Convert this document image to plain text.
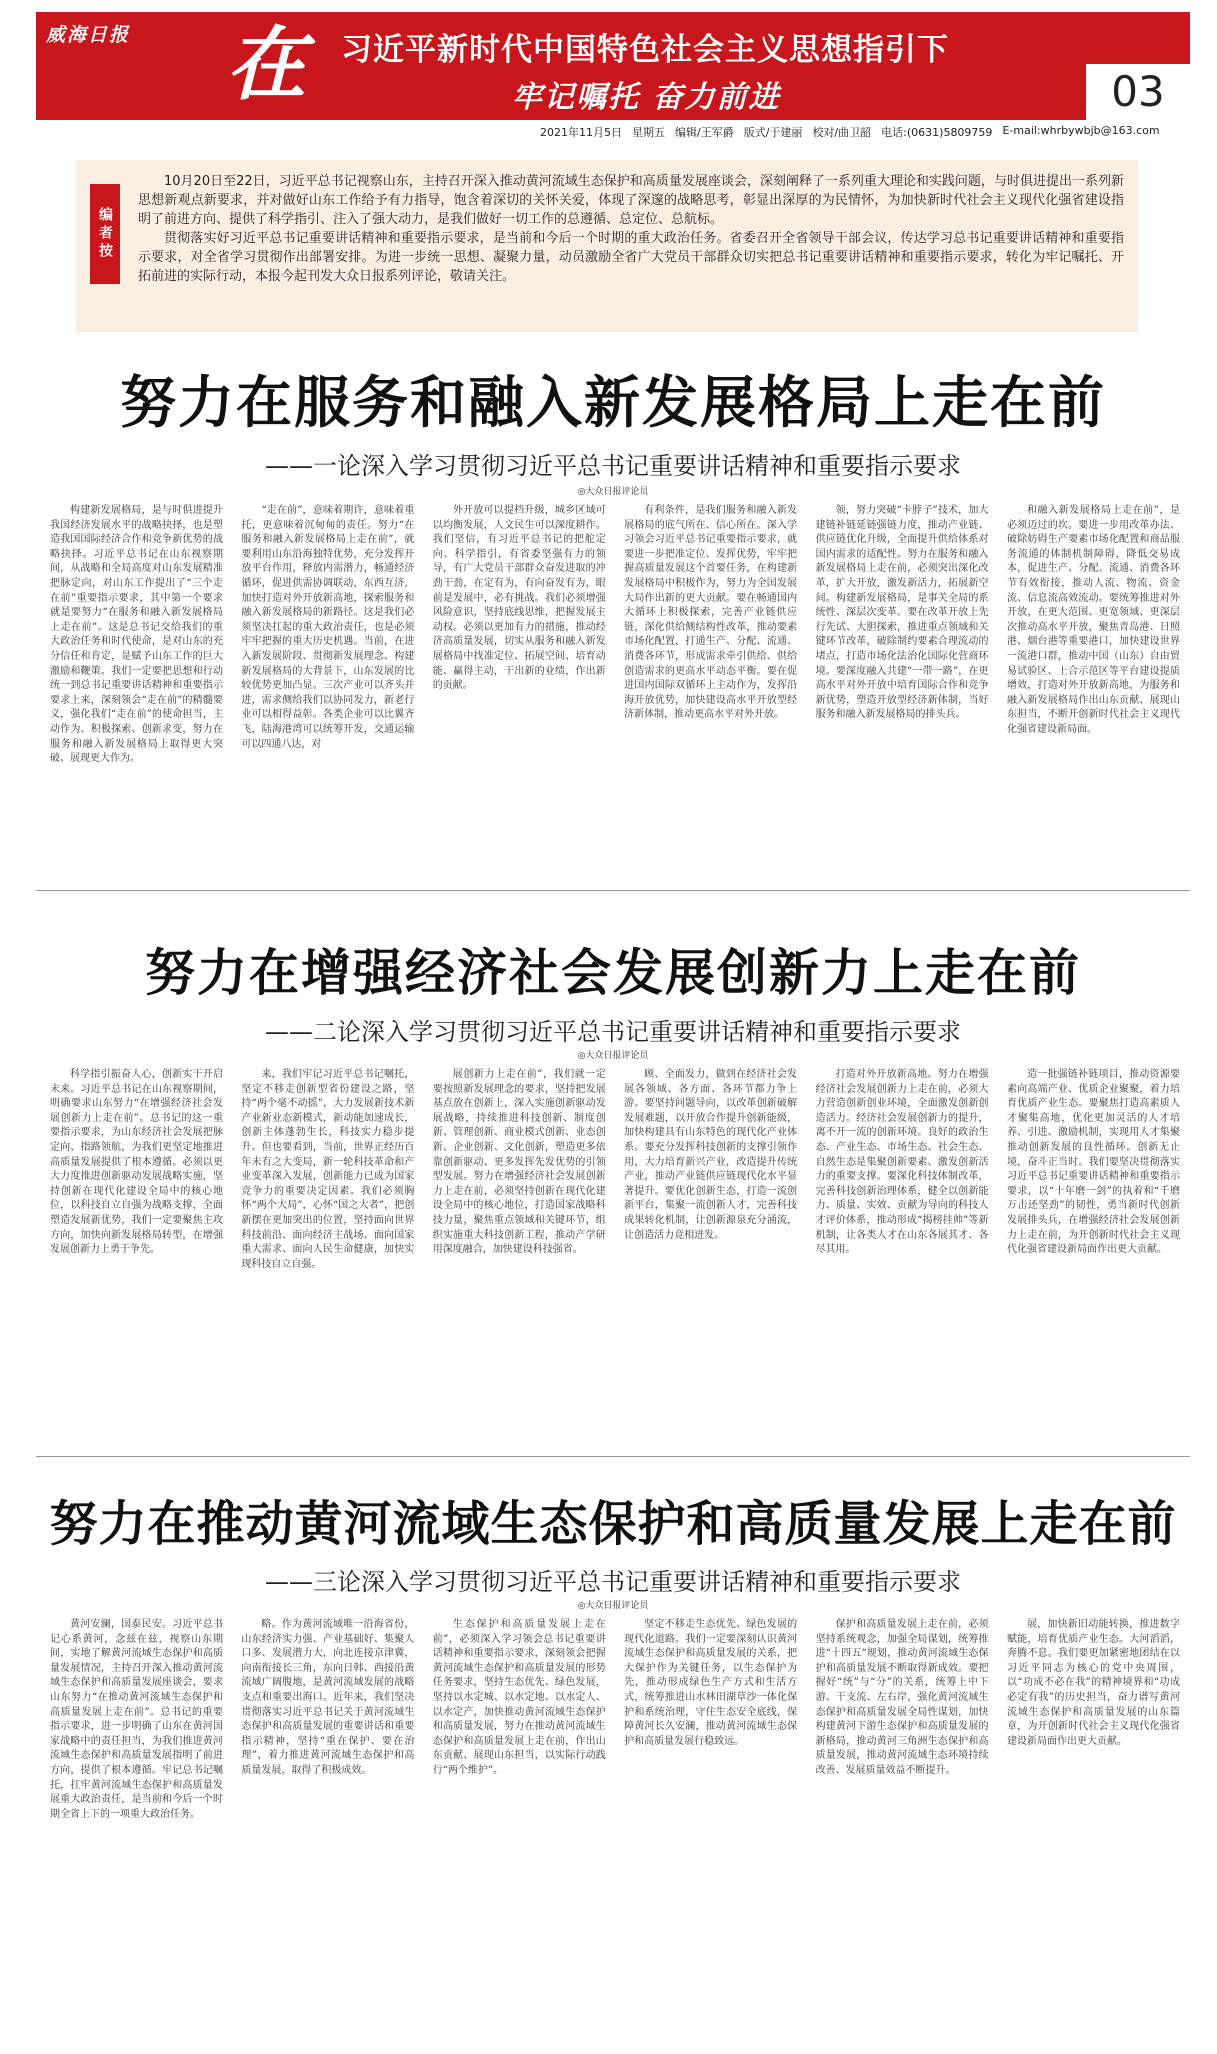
威海日报 在 习近平新时代中国特色社会主义思想指引下
牢记嘱托 奋力前进	03
2021年11月5日 星期五 编辑/王军爵 版式/于建丽 校对/曲卫韶 电话:(0631)5809759 E-mail:whrbywbjb@163.com
编者按

10月20日至22日，习近平总书记视察山东，主持召开深入推动黄河流域生态保护和高质量发展座谈会，深刻阐释了一系列重大理论和实践问题，与时俱进提出一系列新思想新观点新要求，并对做好山东工作给予有力指导，饱含着深切的关怀关爱，体现了深邃的战略思考，彰显出深厚的为民情怀，为加快新时代社会主义现代化强省建设指明了前进方向、提供了科学指引、注入了强大动力，是我们做好一切工作的总遵循、总定位、总航标。

贯彻落实好习近平总书记重要讲话精神和重要指示要求，是当前和今后一个时期的重大政治任务。省委召开全省领导干部会议，传达学习总书记重要讲话精神和重要指示要求，对全省学习贯彻作出部署安排。为进一步统一思想、凝聚力量，动员激励全省广大党员干部群众切实把总书记重要讲话精神和重要指示要求，转化为牢记嘱托、开拓前进的实际行动，本报今起刊发大众日报系列评论，敬请关注。

努力在服务和融入新发展格局上走在前
——一论深入学习贯彻习近平总书记重要讲话精神和重要指示要求
◎大众日报评论员
构建新发展格局，是与时俱进提升我国经济发展水平的战略抉择，也是塑造我国国际经济合作和竞争新优势的战略抉择。习近平总书记在山东视察期间，从战略和全局高度对山东发展精准把脉定向，对山东工作提出了“三个走在前”重要指示要求，其中第一个要求就是要努力“在服务和融入新发展格局上走在前”。这是总书记交给我们的重大政治任务和时代使命，是对山东的充分信任和肯定，是赋予山东工作的巨大激励和鞭策。我们一定要把思想和行动统一到总书记重要讲话精神和重要指示要求上来，深刻领会“走在前”的精髓要义，强化我们“走在前”的使命担当，主动作为、积极探索、创新求变，努力在服务和融入新发展格局上取得更大突破、展现更大作为。
“走在前”，意味着期许，意味着重托，更意味着沉甸甸的责任。努力“在服务和融入新发展格局上走在前”，就要利用山东沿海独特优势，充分发挥开放平台作用，释放内需潜力，畅通经济循环，促进供需协调联动，东西互济，加快打造对外开放新高地，探索服务和融入新发展格局的新路径。这是我们必须坚决扛起的重大政治责任，也是必须牢牢把握的重大历史机遇。当前，在进入新发展阶段、贯彻新发展理念、构建新发展格局的大背景下，山东发展的比较优势更加凸显。三次产业可以齐头并进，需求侧给我们以协同发力，新老行业可以相得益彰。各类企业可以比翼齐飞，陆海港湾可以统筹开发，交通运输可以四通八达，对
外开放可以提档升级，城乡区域可以均衡发展，人文民生可以深度耕作。我们坚信，有习近平总书记的把舵定向、科学指引，有省委坚强有力的领导，有广大党员干部群众奋发进取的冲劲干劲，在定有为，有向奋发有为，眼前是发展中，必有挑战。我们必须增强风险意识，坚持底线思维，把握发展主动权。必须以更加有力的措施，推动经济高质量发展，切实从服务和融入新发展格局中找准定位、拓展空间、培育动能、赢得主动，干出新的业绩，作出新的贡献。
有利条件，是我们服务和融入新发展格局的底气所在、信心所在。深入学习领会习近平总书记重要指示要求，就要进一步把准定位、发挥优势，牢牢把握高质量发展这个首要任务，在构建新发展格局中积极作为，努力为全国发展大局作出新的更大贡献。要在畅通国内大循环上积极探索，完善产业链供应链，深化供给侧结构性改革，推动要素市场化配置，打通生产、分配、流通、消费各环节，形成需求牵引供给、供给创造需求的更高水平动态平衡。要在促进国内国际双循环上主动作为，发挥沿海开放优势，加快建设高水平开放型经济新体制，推动更高水平对外开放。
领，努力突破“卡脖子”技术，加大建链补链延链强链力度，推动产业链、供应链优化升级，全面提升供给体系对国内需求的适配性。努力在服务和融入新发展格局上走在前，必须突出深化改革，扩大开放，激发新活力，拓展新空间。构建新发展格局，是事关全局的系统性、深层次变革。要在改革开放上先行先试、大胆探索，推进重点领域和关键环节改革，破除制约要素合理流动的堵点，打造市场化法治化国际化营商环境。要深度融入共建“一带一路”，在更高水平对外开放中培育国际合作和竞争新优势，塑造开放型经济新体制，当好服务和融入新发展格局的排头兵。
和融入新发展格局上走在前”，是必须迈过的坎。要进一步用改革办法、破除妨碍生产要素市场化配置和商品服务流通的体制机制障碍，降低交易成本，促进生产、分配、流通、消费各环节有效衔接，推动人流、物流、资金流、信息流高效流动。要统筹推进对外开放，在更大范围、更宽领域、更深层次推动高水平开放，聚焦青岛港、日照港、烟台港等重要港口，加快建设世界一流港口群，推动中国（山东）自由贸易试验区、上合示范区等平台建设提质增效，打造对外开放新高地，为服务和融入新发展格局作出山东贡献、展现山东担当，不断开创新时代社会主义现代化强省建设新局面。
努力在增强经济社会发展创新力上走在前
——二论深入学习贯彻习近平总书记重要讲话精神和重要指示要求
◎大众日报评论员
科学指引振奋人心，创新实干开启未来。习近平总书记在山东视察期间，明确要求山东努力“在增强经济社会发展创新力上走在前”。总书记的这一重要指示要求，为山东经济社会发展把脉定向、指路领航，为我们更坚定地推进高质量发展提供了根本遵循。必须以更大力度推进创新驱动发展战略实施，坚持创新在现代化建设全局中的核心地位，以科技自立自强为战略支撑，全面塑造发展新优势，我们一定要聚焦主攻方向，加快向新发展格局转型，在增强发展创新力上勇于争先。
来，我们牢记习近平总书记嘱托，坚定不移走创新型省份建设之路，坚持“两个毫不动摇”，大力发展新技术新产业新业态新模式，新动能加速成长，创新主体蓬勃生长，科技实力稳步提升。但也要看到，当前，世界正经历百年未有之大变局，新一轮科技革命和产业变革深入发展，创新能力已成为国家竞争力的重要决定因素。我们必须胸怀“两个大局”，心怀“国之大者”，把创新摆在更加突出的位置，坚持面向世界科技前沿、面向经济主战场、面向国家重大需求、面向人民生命健康，加快实现科技自立自强。
展创新力上走在前”，我们就一定要按照新发展理念的要求，坚持把发展基点放在创新上，深入实施创新驱动发展战略，持续推进科技创新、制度创新、管理创新、商业模式创新、业态创新、企业创新、文化创新，塑造更多依靠创新驱动、更多发挥先发优势的引领型发展。努力在增强经济社会发展创新力上走在前，必须坚持创新在现代化建设全局中的核心地位，打造国家战略科技力量，聚焦重点领域和关键环节，组织实施重大科技创新工程，推动产学研用深度融合，加快建设科技强省。
顾、全面发力，做到在经济社会发展各领域、各方面、各环节都力争上游。要坚持问题导向，以改革创新破解发展难题，以开放合作提升创新能级，加快构建具有山东特色的现代化产业体系。要充分发挥科技创新的支撑引领作用，大力培育新兴产业，改造提升传统产业，推动产业链供应链现代化水平显著提升。要优化创新生态，打造一流创新平台，集聚一流创新人才，完善科技成果转化机制，让创新源泉充分涌流，让创造活力竞相迸发。
打造对外开放新高地。努力在增强经济社会发展创新力上走在前，必须大力营造创新创业环境，全面激发创新创造活力。经济社会发展创新力的提升，离不开一流的创新环境。良好的政治生态、产业生态、市场生态、社会生态、自然生态是集聚创新要素、激发创新活力的重要支撑。要深化科技体制改革，完善科技创新治理体系，健全以创新能力、质量、实效、贡献为导向的科技人才评价体系，推动形成“揭榜挂帅”等新机制，让各类人才在山东各展其才、各尽其用。
造一批强链补链项目，推动资源要素向高端产业、优质企业聚聚，着力培育优质产业生态。要聚焦打造高素质人才聚集高地，优化更加灵活的人才培养、引进、激励机制，实现用人才集聚推动创新发展的良性循环。创新无止境，奋斗正当时。我们要坚决贯彻落实习近平总书记重要讲话精神和重要指示要求，以“十年磨一剑”的执着和“千磨万击还坚劲”的韧性，勇当新时代创新发展排头兵，在增强经济社会发展创新力上走在前，为开创新时代社会主义现代化强省建设新局面作出更大贡献。
努力在推动黄河流域生态保护和高质量发展上走在前
——三论深入学习贯彻习近平总书记重要讲话精神和重要指示要求
◎大众日报评论员
黄河安澜，国泰民安。习近平总书记心系黄河，念兹在兹，视察山东期间，实地了解黄河流域生态保护和高质量发展情况，主持召开深入推动黄河流域生态保护和高质量发展座谈会，要求山东努力“在推动黄河流域生态保护和高质量发展上走在前”。总书记的重要指示要求，进一步明确了山东在黄河国家战略中的责任担当，为我们推进黄河流域生态保护和高质量发展指明了前进方向，提供了根本遵循。牢记总书记嘱托，扛牢黄河流域生态保护和高质量发展重大政治责任，是当前和今后一个时期全省上下的一项重大政治任务。
略。作为黄河流域唯一沿海省份，山东经济实力强、产业基础好、集聚人口多、发展潜力大，向北连接京津冀，向南衔接长三角，东向日韩、西接沿黄流域广阔腹地，是黄河流域发展的战略支点和重要出海口。近年来，我们坚决贯彻落实习近平总书记关于黄河流域生态保护和高质量发展的重要讲话和重要指示精神，坚持“重在保护、要在治理”，着力推进黄河流域生态保护和高质量发展，取得了积极成效。
生态保护和高质量发展上走在前”，必须深入学习领会总书记重要讲话精神和重要指示要求，深刻领会把握黄河流域生态保护和高质量发展的形势任务要求，坚持生态优先、绿色发展，坚持以水定城、以水定地、以水定人、以水定产，加快推动黄河流域生态保护和高质量发展，努力在推动黄河流域生态保护和高质量发展上走在前，作出山东贡献、展现山东担当，以实际行动践行“两个维护”。
坚定不移走生态优先、绿色发展的现代化道路。我们一定要深刻认识黄河流域生态保护和高质量发展的关系，把大保护作为关键任务，以生态保护为先，推动形成绿色生产方式和生活方式，统筹推进山水林田湖草沙一体化保护和系统治理，守住生态安全底线，保障黄河长久安澜，推动黄河流域生态保护和高质量发展行稳致远。
保护和高质量发展上走在前，必须坚持系统观念，加强全局谋划，统筹推进“十四五”规划，推动黄河流域生态保护和高质量发展不断取得新成效。要把握好“统”与“分”的关系，统筹上中下游、干支流、左右岸，强化黄河流域生态保护和高质量发展全局性谋划，加快构建黄河下游生态保护和高质量发展的新格局，推动黄河三角洲生态保护和高质量发展，推动黄河流域生态环境持续改善、发展质量效益不断提升。
展，加快新旧动能转换，推进数字赋能，培育优质产业生态。大河滔滔，奔腾不息。我们要更加紧密地团结在以习近平同志为核心的党中央周围，以“功成不必在我”的精神境界和“功成必定有我”的历史担当，奋力谱写黄河流域生态保护和高质量发展的山东篇章，为开创新时代社会主义现代化强省建设新局面作出更大贡献。
